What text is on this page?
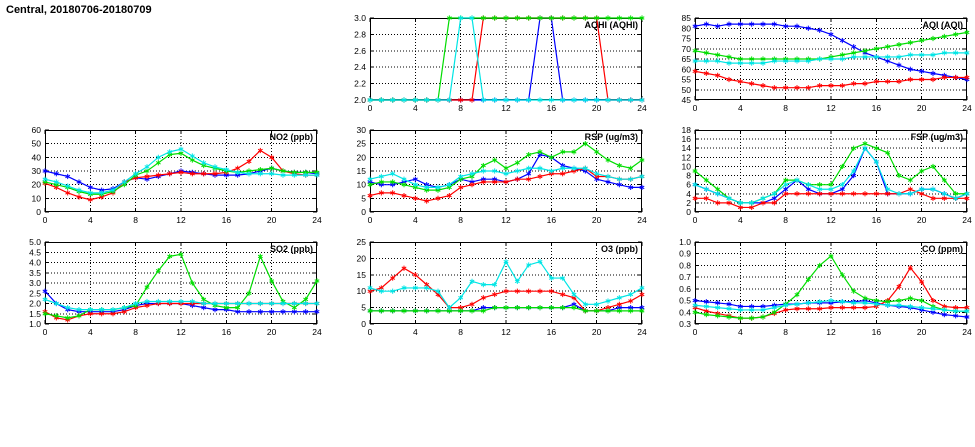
Central, 20180706-20180709
0	4	8	12	16	20	24
2.0
2.2
2.4
2.6
2.8
3.0
AQHI (AQHI)
0	4	8	12	16	20	24
45
50
55
60
65
70
75
80
85
AQI (AQI)
0	4	8	12	16	20	24
0
10
20
30
40
50
60
NO2 (ppb)
0	4	8	12	16	20	24
0
5
10
15
20
25
30
RSP (ug/m3)
0	4	8	12	16	20	24
0
2
4
6
8
10
12
14
16
18
FSP (ug/m3)
0	4	8	12	16	20	24
1.0
1.5
2.0
2.5
3.0
3.5
4.0
4.5
5.0
SO2 (ppb)
0	4	8	12	16	20	24
0
5
10
15
20
25
O3 (ppb)
0	4	8	12	16	20	24
0.3
0.4
0.5
0.6
0.7
0.8
0.9
1.0
CO (ppm)
